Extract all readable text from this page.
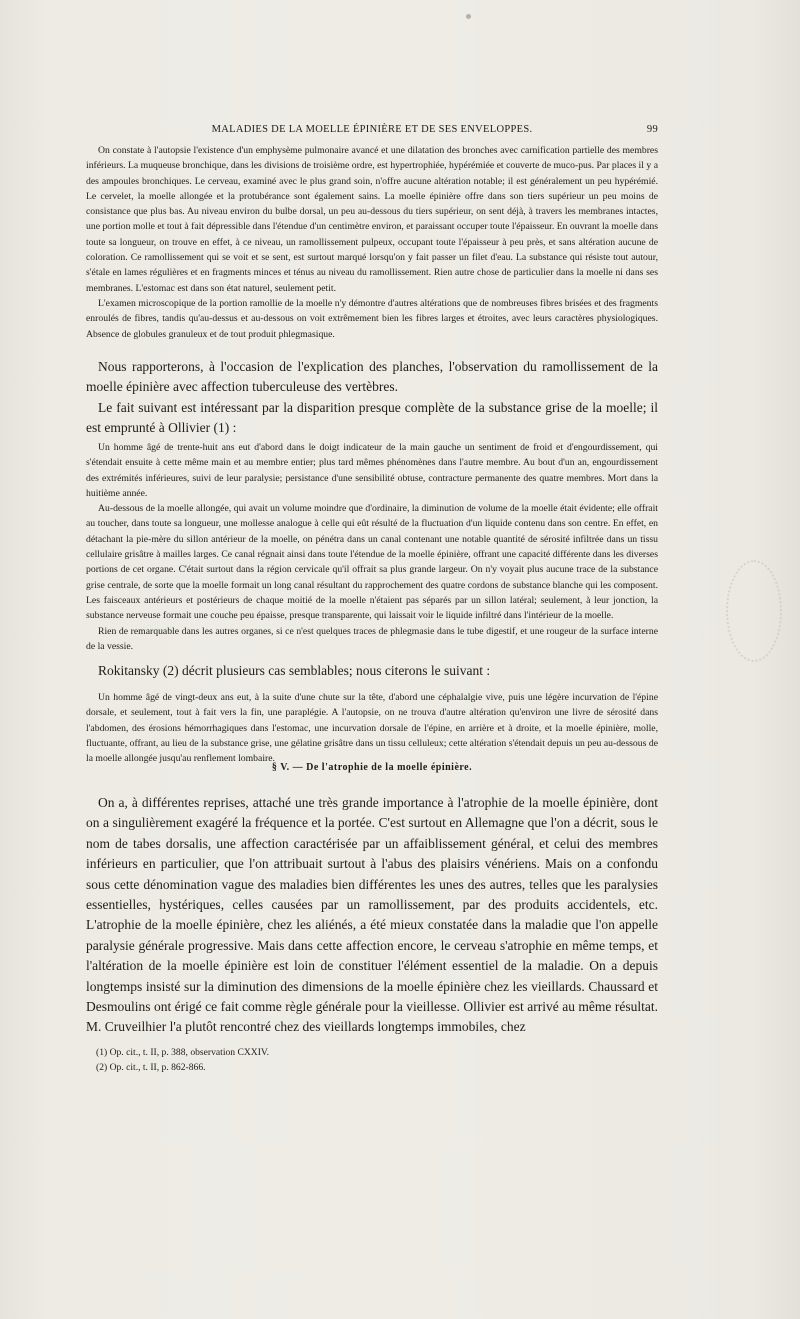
MALADIES DE LA MOELLE ÉPINIÈRE ET DE SES ENVELOPPES.	99

On constate à l'autopsie l'existence d'un emphysème pulmonaire avancé et une dilatation des bronches avec carnification partielle des membres inférieurs. La muqueuse bronchique, dans les divisions de troisième ordre, est hypertrophiée, hypérémiée et couverte de muco-pus. Par places il y a des ampoules bronchiques. Le cerveau, examiné avec le plus grand soin, n'offre aucune altération notable; il est généralement un peu hypérémié. Le cervelet, la moelle allongée et la protubérance sont également sains. La moelle épinière offre dans son tiers supérieur un peu moins de consistance que plus bas. Au niveau environ du bulbe dorsal, un peu au-dessous du tiers supérieur, on sent déjà, à travers les membranes intactes, une portion molle et tout à fait dépressible dans l'étendue d'un centimètre environ, et paraissant occuper toute l'épaisseur. En ouvrant la moelle dans toute sa longueur, on trouve en effet, à ce niveau, un ramollissement pulpeux, occupant toute l'épaisseur à peu près, et sans altération aucune de coloration. Ce ramollissement qui se voit et se sent, est surtout marqué lorsqu'on y fait passer un filet d'eau. La substance qui résiste tout autour, s'étale en lames régulières et en fragments minces et ténus au niveau du ramollissement. Rien autre chose de particulier dans la moelle ni dans ses membranes. L'estomac est dans son état naturel, seulement petit.

L'examen microscopique de la portion ramollie de la moelle n'y démontre d'autres altérations que de nombreuses fibres brisées et des fragments enroulés de fibres, tandis qu'au-dessus et au-dessous on voit extrêmement bien les fibres larges et étroites, avec leurs caractères physiologiques. Absence de globules granuleux et de tout produit phlegmasique.

Nous rapporterons, à l'occasion de l'explication des planches, l'observation du ramollissement de la moelle épinière avec affection tuberculeuse des vertèbres.

Le fait suivant est intéressant par la disparition presque complète de la substance grise de la moelle; il est emprunté à Ollivier (1) :

Un homme âgé de trente-huit ans eut d'abord dans le doigt indicateur de la main gauche un sentiment de froid et d'engourdissement, qui s'étendait ensuite à cette même main et au membre entier; plus tard mêmes phénomènes dans l'autre membre. Au bout d'un an, engourdissement des extrémités inférieures, suivi de leur paralysie; persistance d'une sensibilité obtuse, contracture permanente des quatre membres. Mort dans la huitième année.

Au-dessous de la moelle allongée, qui avait un volume moindre que d'ordinaire, la diminution de volume de la moelle était évidente; elle offrait au toucher, dans toute sa longueur, une mollesse analogue à celle qui eût résulté de la fluctuation d'un liquide contenu dans son centre. En effet, en détachant la pie-mère du sillon antérieur de la moelle, on pénétra dans un canal contenant une notable quantité de sérosité infiltrée dans un tissu cellulaire grisâtre à mailles larges. Ce canal régnait ainsi dans toute l'étendue de la moelle épinière, offrant une capacité différente dans les diverses portions de cet organe. C'était surtout dans la région cervicale qu'il offrait sa plus grande largeur. On n'y voyait plus aucune trace de la substance grise centrale, de sorte que la moelle formait un long canal résultant du rapprochement des quatre cordons de substance blanche qui les composent. Les faisceaux antérieurs et postérieurs de chaque moitié de la moelle n'étaient pas séparés par un sillon latéral; seulement, à leur jonction, la substance nerveuse formait une couche peu épaisse, presque transparente, qui laissait voir le liquide infiltré dans l'intérieur de la moelle.

Rien de remarquable dans les autres organes, si ce n'est quelques traces de phlegmasie dans le tube digestif, et une rougeur de la surface interne de la vessie.

Rokitansky (2) décrit plusieurs cas semblables; nous citerons le suivant :

Un homme âgé de vingt-deux ans eut, à la suite d'une chute sur la tête, d'abord une céphalalgie vive, puis une légère incurvation de l'épine dorsale, et seulement, tout à fait vers la fin, une paraplégie. A l'autopsie, on ne trouva d'autre altération qu'environ une livre de sérosité dans l'abdomen, des érosions hémorrhagiques dans l'estomac, une incurvation dorsale de l'épine, en arrière et à droite, et la moelle épinière, molle, fluctuante, offrant, au lieu de la substance grise, une gélatine grisâtre dans un tissu celluleux; cette altération s'étendait depuis un peu au-dessous de la moelle allongée jusqu'au renflement lombaire.

§ V. — De l'atrophie de la moelle épinière.

On a, à différentes reprises, attaché une très grande importance à l'atrophie de la moelle épinière, dont on a singulièrement exagéré la fréquence et la portée. C'est surtout en Allemagne que l'on a décrit, sous le nom de tabes dorsalis, une affection caractérisée par un affaiblissement général, et celui des membres inférieurs en particulier, que l'on attribuait surtout à l'abus des plaisirs vénériens. Mais on a confondu sous cette dénomination vague des maladies bien différentes les unes des autres, telles que les paralysies essentielles, hystériques, celles causées par un ramollissement, par des produits accidentels, etc. L'atrophie de la moelle épinière, chez les aliénés, a été mieux constatée dans la maladie que l'on appelle paralysie générale progressive. Mais dans cette affection encore, le cerveau s'atrophie en même temps, et l'altération de la moelle épinière est loin de constituer l'élément essentiel de la maladie. On a depuis longtemps insisté sur la diminution des dimensions de la moelle épinière chez les vieillards. Chaussard et Desmoulins ont érigé ce fait comme règle générale pour la vieillesse. Ollivier est arrivé au même résultat. M. Cruveilhier l'a plutôt rencontré chez des vieillards longtemps immobiles, chez

(1) Op. cit., t. II, p. 388, observation CXXIV.

(2) Op. cit., t. II, p. 862-866.
